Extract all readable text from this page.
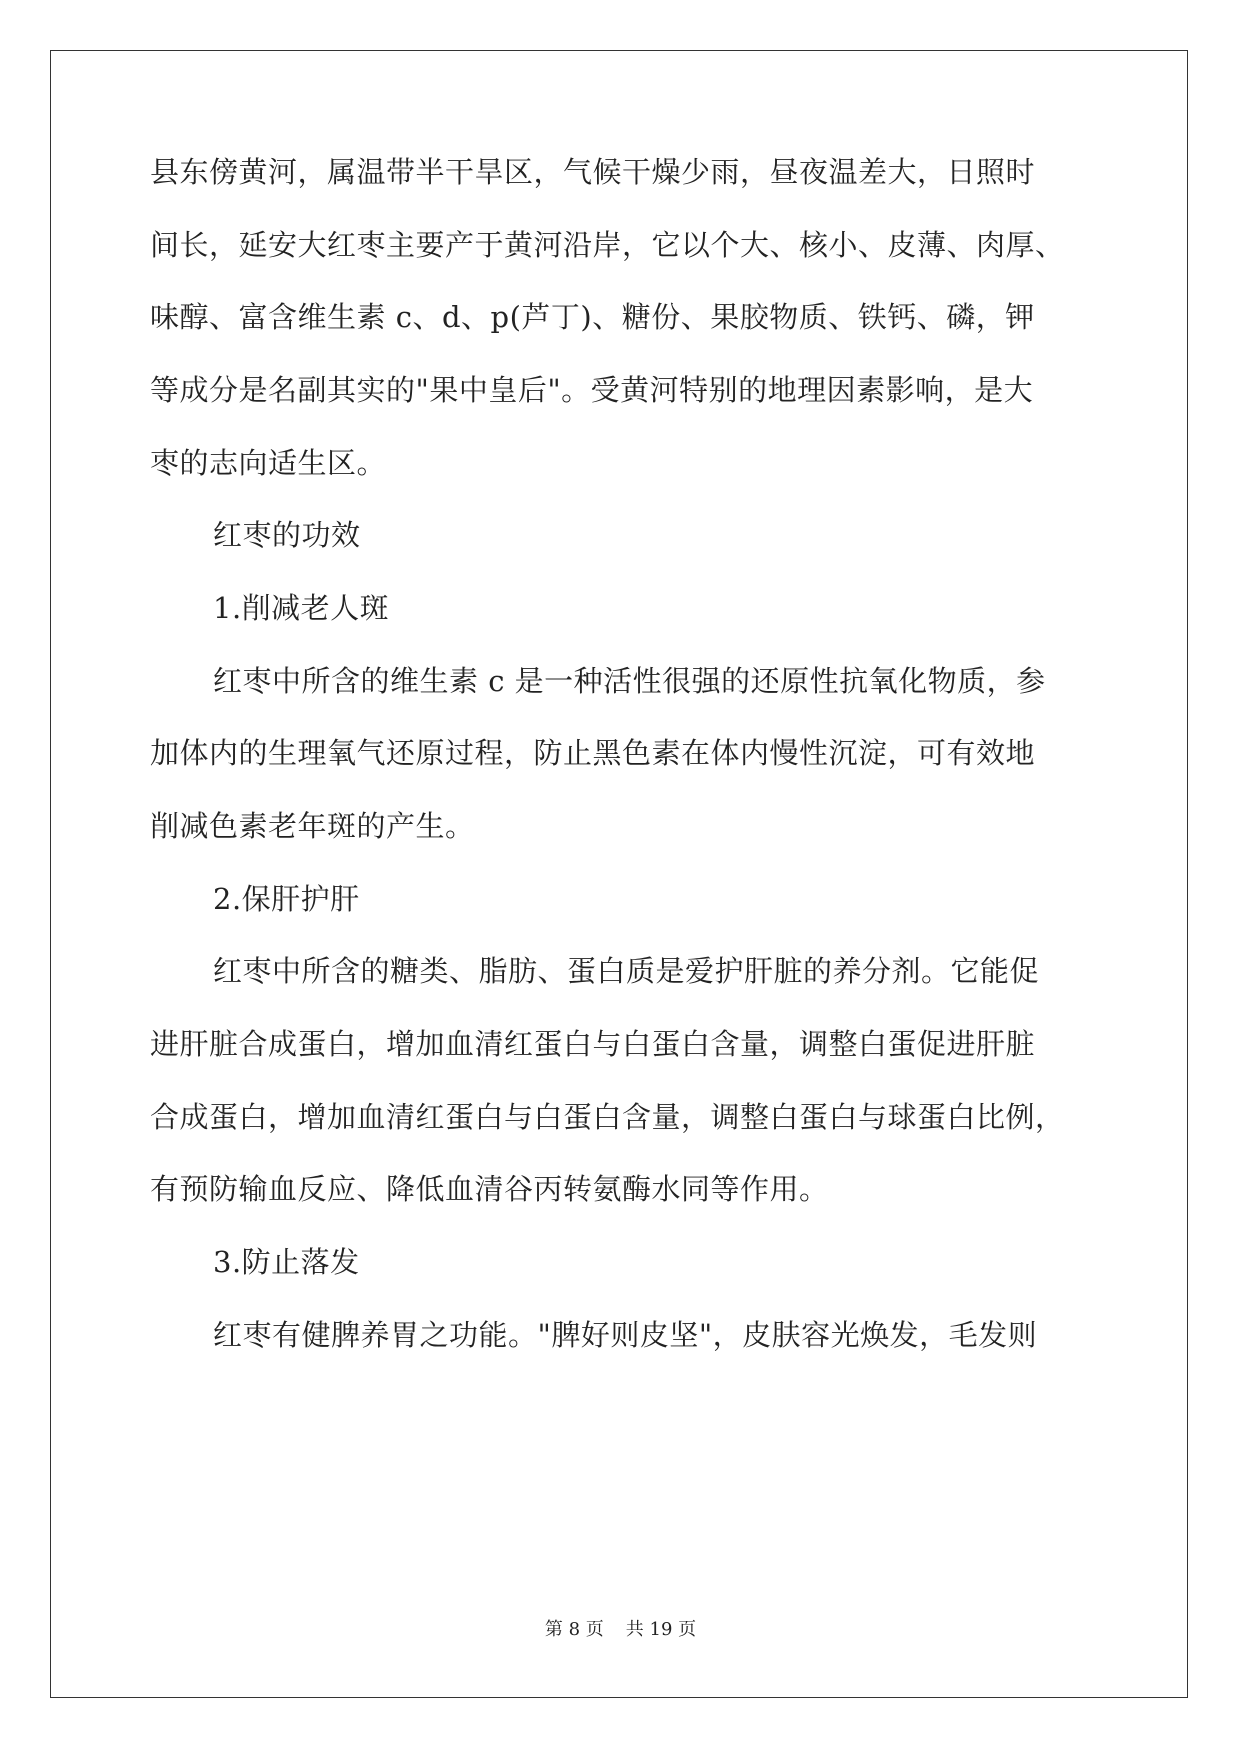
县东傍黄河，属温带半干旱区，气候干燥少雨，昼夜温差大，日照时

间长，延安大红枣主要产于黄河沿岸，它以个大、核小、皮薄、肉厚、

味醇、富含维生素 c、d、p(芦丁)、糖份、果胶物质、铁钙、磷，钾

等成分是名副其实的"果中皇后"。受黄河特别的地理因素影响，是大

枣的志向适生区。

红枣的功效

1.削减老人斑

红枣中所含的维生素 c 是一种活性很强的还原性抗氧化物质，参

加体内的生理氧气还原过程，防止黑色素在体内慢性沉淀，可有效地

削减色素老年斑的产生。

2.保肝护肝

红枣中所含的糖类、脂肪、蛋白质是爱护肝脏的养分剂。它能促

进肝脏合成蛋白，增加血清红蛋白与白蛋白含量，调整白蛋促进肝脏

合成蛋白，增加血清红蛋白与白蛋白含量，调整白蛋白与球蛋白比例，

有预防输血反应、降低血清谷丙转氨酶水同等作用。

3.防止落发

红枣有健脾养胃之功能。"脾好则皮坚"，皮肤容光焕发，毛发则

第 8 页 共 19 页
